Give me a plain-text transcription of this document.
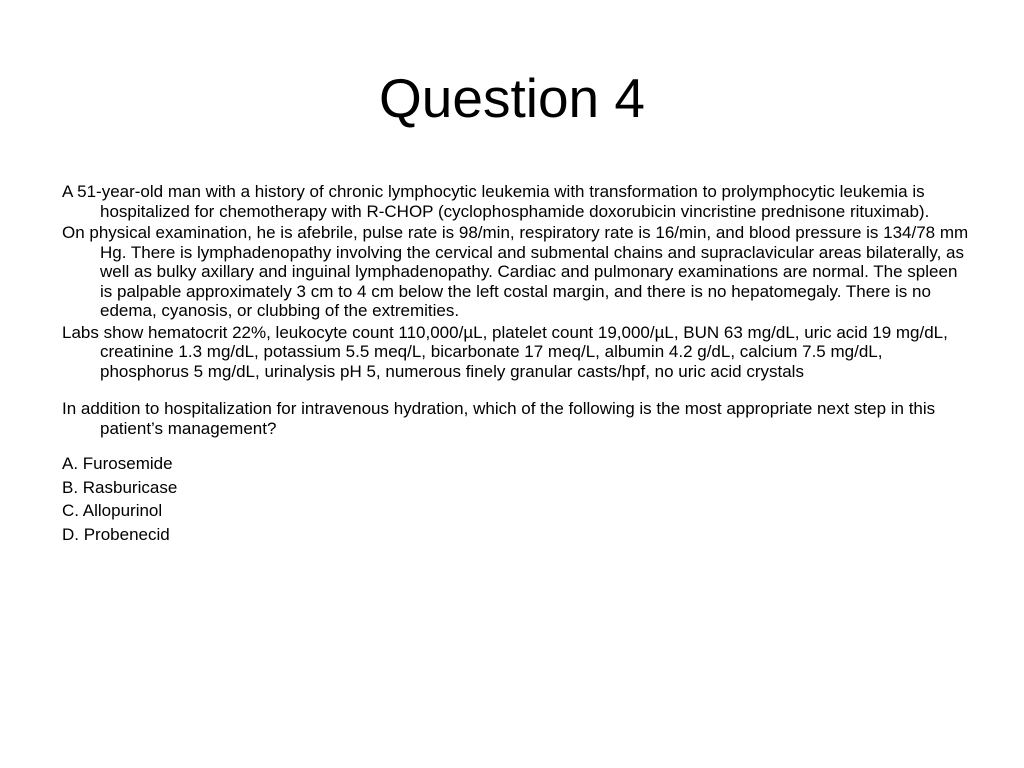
Question 4

A 51-year-old man with a history of chronic lymphocytic leukemia with transformation to prolymphocytic leukemia is hospitalized for chemotherapy with R-CHOP (cyclophosphamide doxorubicin vincristine prednisone rituximab).

On physical examination, he is afebrile, pulse rate is 98/min, respiratory rate is 16/min, and blood pressure is 134/78 mm Hg. There is lymphadenopathy involving the cervical and submental chains and supraclavicular areas bilaterally, as well as bulky axillary and inguinal lymphadenopathy. Cardiac and pulmonary examinations are normal. The spleen is palpable approximately 3 cm to 4 cm below the left costal margin, and there is no hepatomegaly. There is no edema, cyanosis, or clubbing of the extremities.

Labs show hematocrit 22%, leukocyte count 110,000/µL, platelet count 19,000/µL, BUN 63 mg/dL, uric acid 19 mg/dL, creatinine 1.3 mg/dL, potassium 5.5 meq/L, bicarbonate 17 meq/L, albumin 4.2 g/dL, calcium 7.5 mg/dL, phosphorus 5 mg/dL, urinalysis pH 5, numerous finely granular casts/hpf, no uric acid crystals

In addition to hospitalization for intravenous hydration, which of the following is the most appropriate next step in this patient’s management?

A. Furosemide

B. Rasburicase

C. Allopurinol

D. Probenecid
